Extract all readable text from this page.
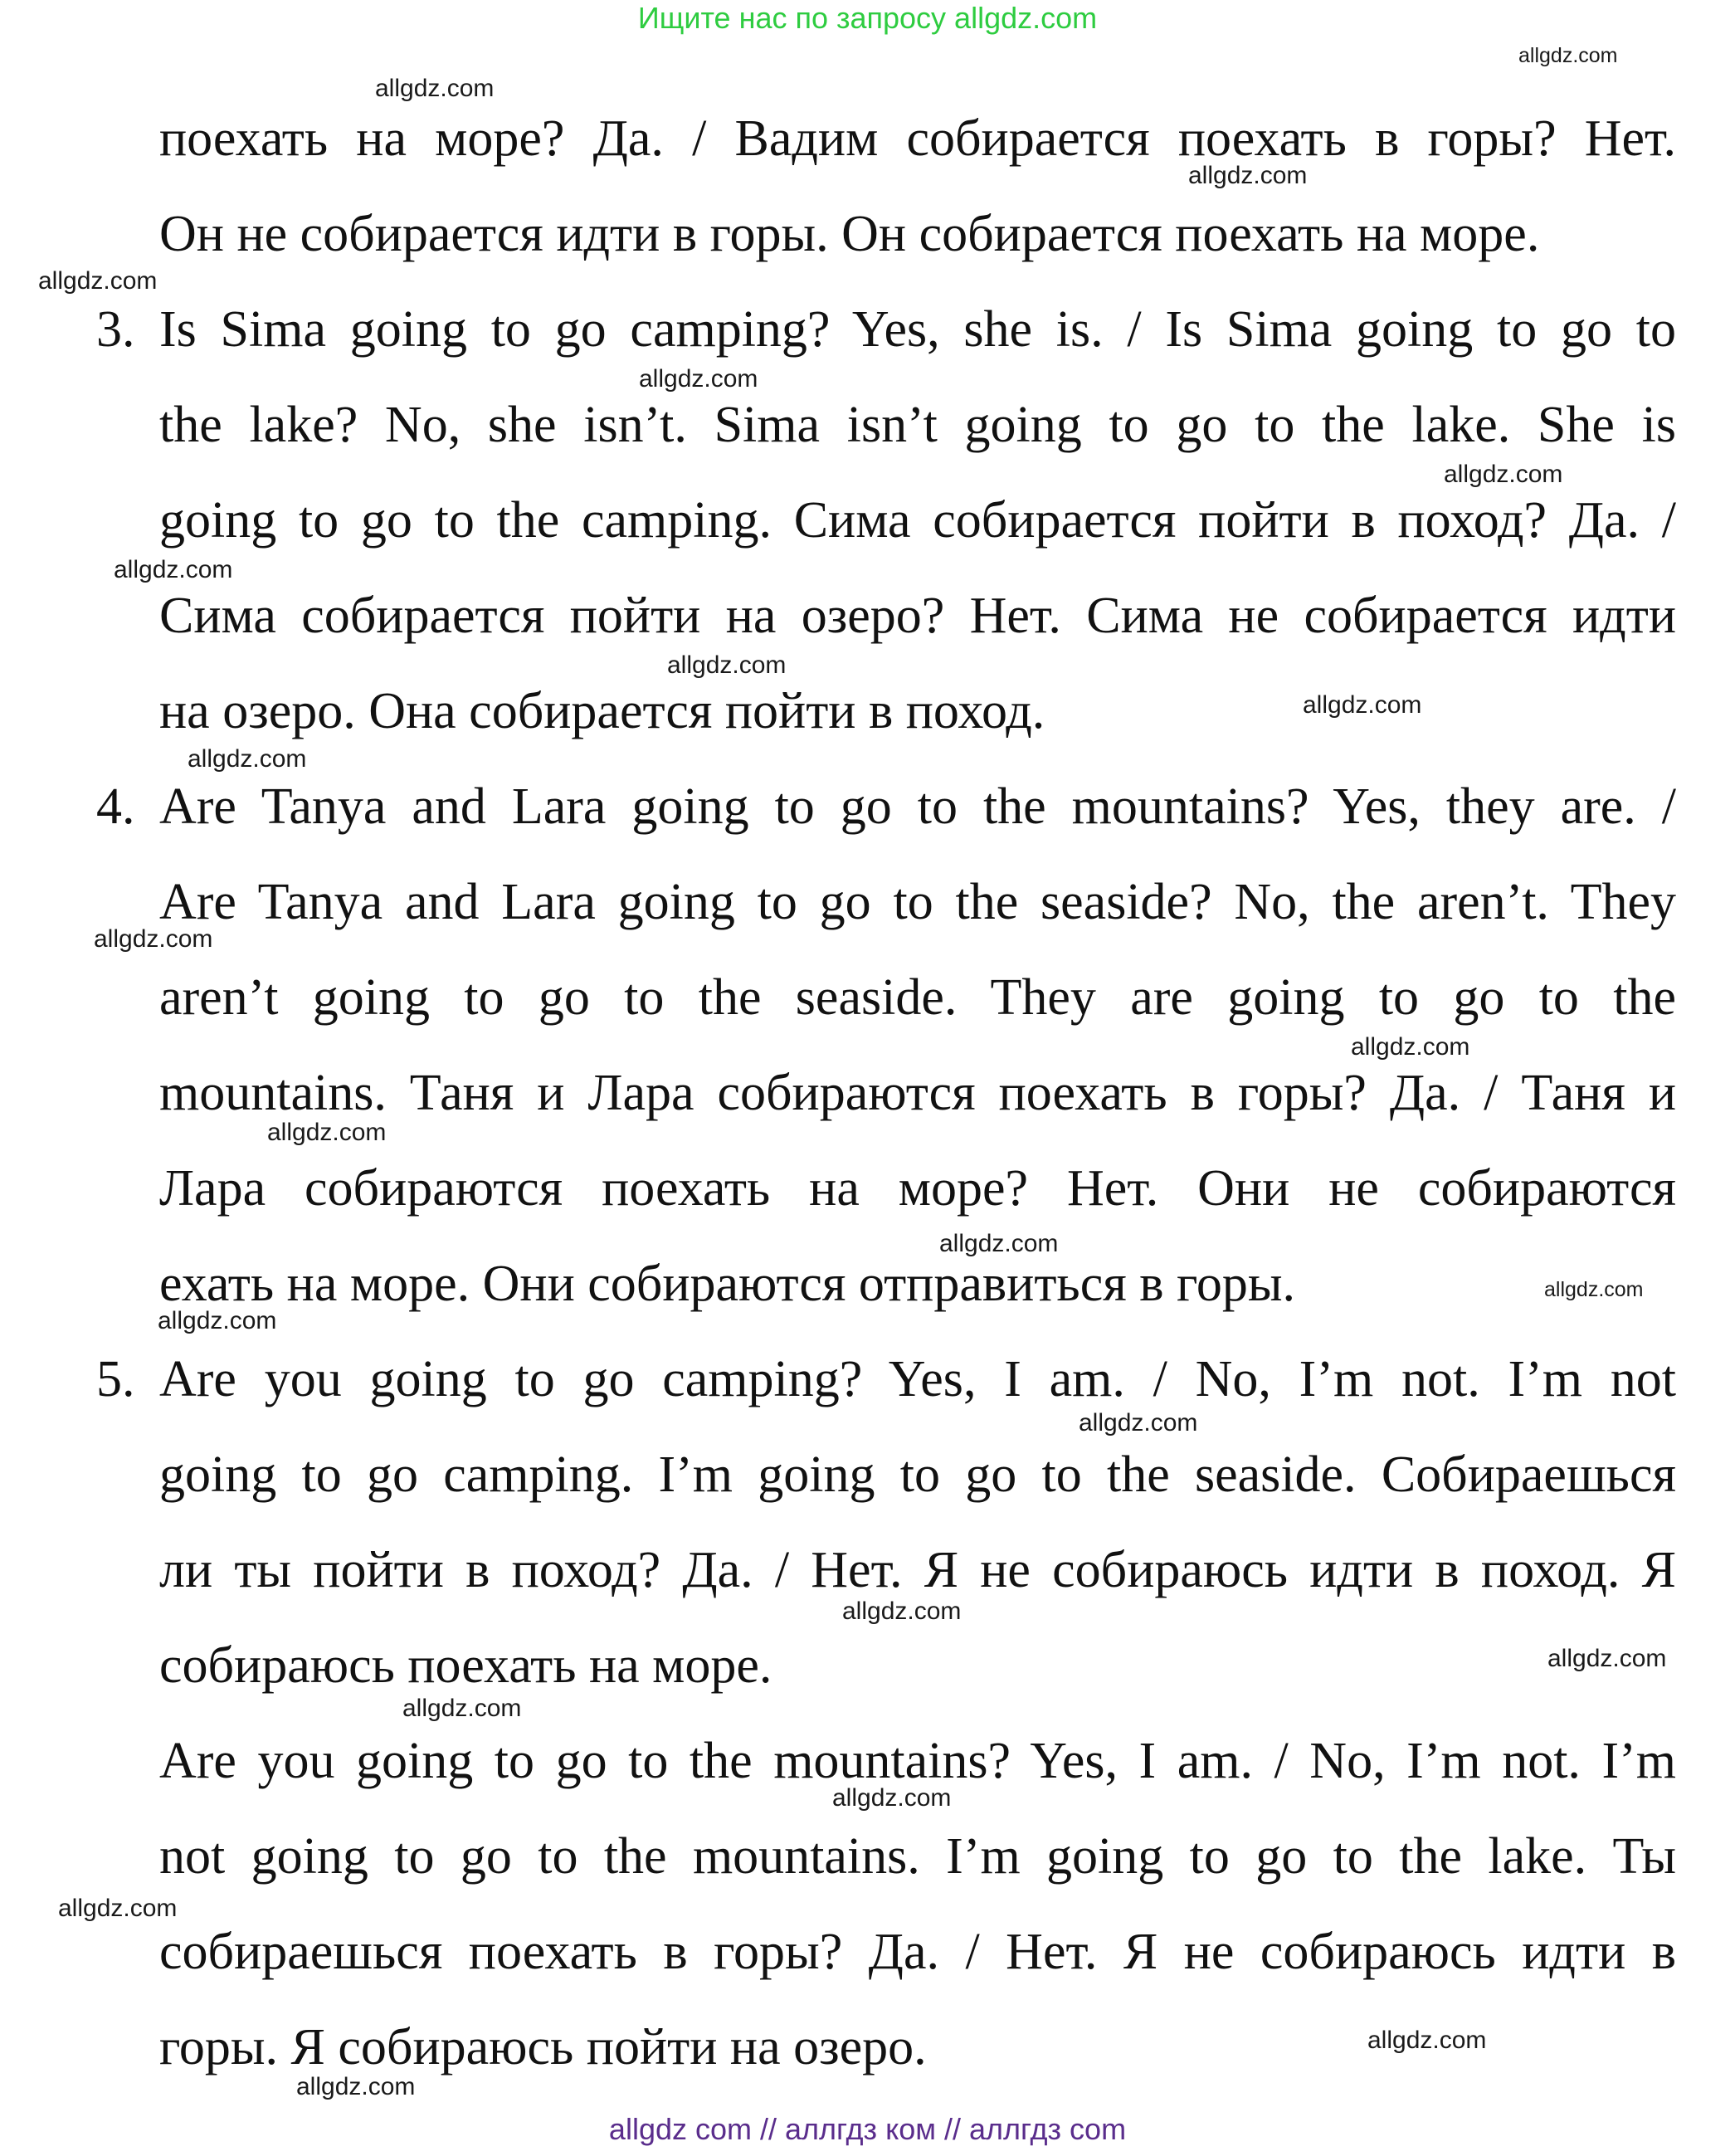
Ищите нас по запросу allgdz.com
поехать на море? Да. / Вадим собирается поехать в горы? Нет.
Он не собирается идти в горы. Он собирается поехать на море.
3. Is Sima going to go camping? Yes, she is. / Is Sima going to go to
the lake? No, she isn’t. Sima isn’t going to go to the lake. She is
going to go to the camping. Сима собирается пойти в поход? Да. /
Сима собирается пойти на озеро? Нет. Сима не собирается идти
на озеро. Она собирается пойти в поход.
4. Are Tanya and Lara going to go to the mountains? Yes, they are. /
Are Tanya and Lara going to go to the seaside? No, the aren’t. They
aren’t going to go to the seaside. They are going to go to the
mountains. Таня и Лара собираются поехать в горы? Да. / Таня и
Лара собираются поехать на море? Нет. Они не собираются
ехать на море. Они собираются отправиться в горы.
5. Are you going to go camping? Yes, I am. / No, I’m not. I’m not
going to go camping. I’m going to go to the seaside. Собираешься
ли ты пойти в поход? Да. / Нет. Я не собираюсь идти в поход. Я
собираюсь поехать на море.
Are you going to go to the mountains? Yes, I am. / No, I’m not. I’m
not going to go to the mountains. I’m going to go to the lake. Ты
собираешься поехать в горы? Да. / Нет. Я не собираюсь идти в
горы. Я собираюсь пойти на озеро.
allgdz.com
allgdz.com
allgdz.com
allgdz.com
allgdz.com
allgdz.com
allgdz.com
allgdz.com
allgdz.com
allgdz.com
allgdz.com
allgdz.com
allgdz.com
allgdz.com
allgdz.com
allgdz.com
allgdz.com
allgdz.com
allgdz.com
allgdz.com
allgdz.com
allgdz.com
allgdz.com
allgdz.com
allgdz com // аллгдз ком // аллгдз com
